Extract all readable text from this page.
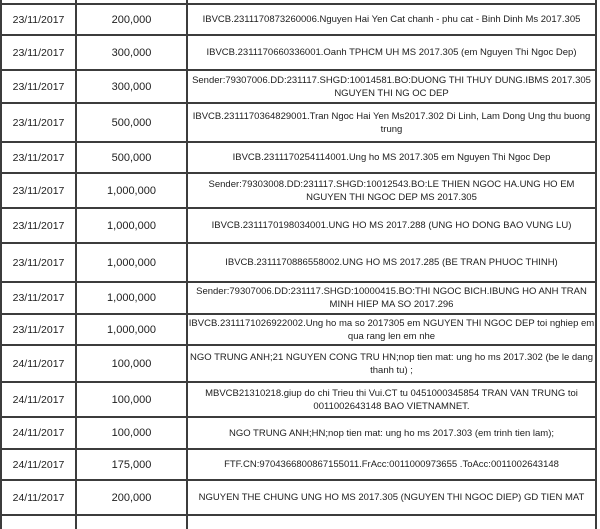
23/11/2017	200,000	IBVCB.2311170873260006.Nguyen Hai Yen Cat chanh - phu cat - Binh Dinh Ms 2017.305
23/11/2017	300,000	IBVCB.2311170660336001.Oanh TPHCM UH MS 2017.305 (em Nguyen Thi Ngoc Dep)
23/11/2017	300,000	Sender:79307006.DD:231117.SHGD:10014581.BO:DUONG THI THUY DUNG.IBMS 2017.305 NGUYEN THI NG OC DEP
23/11/2017	500,000	IBVCB.2311170364829001.Tran Ngoc Hai Yen Ms2017.302 Di Linh, Lam Dong Ung thu buong trung
23/11/2017	500,000	IBVCB.2311170254114001.Ung ho MS 2017.305 em Nguyen Thi Ngoc Dep
23/11/2017	1,000,000	Sender:79303008.DD:231117.SHGD:10012543.BO:LE THIEN NGOC HA.UNG HO EM NGUYEN THI NGOC DEP MS 2017.305
23/11/2017	1,000,000	IBVCB.2311170198034001.UNG HO MS 2017.288 (UNG HO DONG BAO VUNG LU)
23/11/2017	1,000,000	IBVCB.2311170886558002.UNG HO MS 2017.285 (BE TRAN PHUOC THINH)
23/11/2017	1,000,000	Sender:79307006.DD:231117.SHGD:10000415.BO:THI NGOC BICH.IBUNG HO ANH TRAN MINH HIEP MA SO 2017.296
23/11/2017	1,000,000	IBVCB.2311171026922002.Ung ho ma so 2017305 em NGUYEN THI NGOC DEP toi nghiep em qua rang len em nhe
24/11/2017	100,000	NGO TRUNG ANH;21 NGUYEN CONG TRU HN;nop tien mat: ung ho ms 2017.302 (be le dang thanh tu) ;
24/11/2017	100,000	MBVCB21310218.giup do chi Trieu thi Vui.CT tu 0451000345854 TRAN VAN TRUNG toi 0011002643148 BAO VIETNAMNET.
24/11/2017	100,000	NGO TRUNG ANH;HN;nop tien mat: ung ho ms 2017.303 (em trinh tien lam);
24/11/2017	175,000	FTF.CN:9704366800867155011.FrAcc:0011000973655 .ToAcc:0011002643148
24/11/2017	200,000	NGUYEN THE CHUNG UNG HO MS 2017.305 (NGUYEN THI NGOC DIEP) GD TIEN MAT
